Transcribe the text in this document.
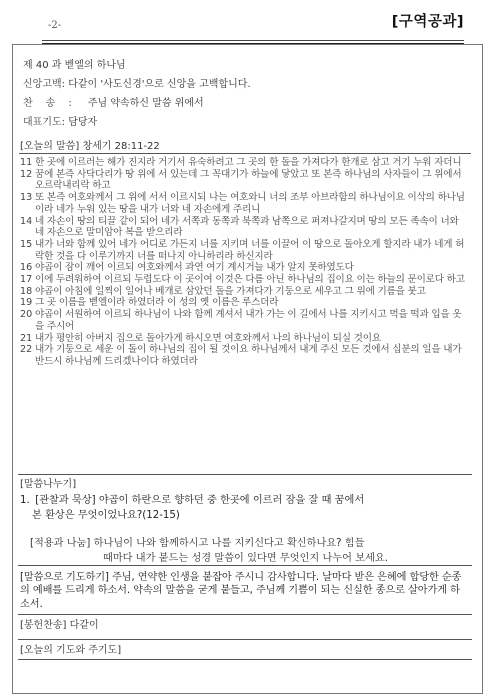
-2-	[구역공과]
제 40 과 벧엘의 하나님
신앙고백: 다같이 '사도신경'으로 신앙을 고백합니다.
찬송: 주님 약속하신 말씀 위에서
대표기도: 담당자
[오늘의 말씀] 창세기 28:11-22
11 한 곳에 이르러는 해가 진지라 거기서 유숙하려고 그 곳의 한 돌을 가져다가 한개로 삼고 거기 누워 자더니
12 꿈에 본즉 사닥다리가 땅 위에 서 있는데 그 꼭대기가 하늘에 닿았고 또 본즉 하나님의 사자들이 그 위에서 오르락내리락 하고
13 또 본즉 여호와께서 그 위에 서서 이르시되 나는 여호와니 너의 조부 아브라함의 하나님이요 이삭의 하나님이라 네가 누워 있는 땅을 내가 너와 네 자손에게 주리니
14 네 자손이 땅의 티끌 같이 되어 네가 서쪽과 동쪽과 북쪽과 남쪽으로 퍼져나갈지며 땅의 모든 족속이 너와 네 자손으로 말미암아 복을 받으리라
15 내가 너와 함께 있어 네가 어디로 가든지 너를 지키며 너를 이끌어 이 땅으로 돌아오게 할지라 내가 네게 허락한 것을 다 이루기까지 너를 떠나지 아니하리라 하신지라
16 야곱이 잠이 깨어 이르되 여호와께서 과연 여기 계시거늘 내가 알지 못하였도다
17 이에 두려워하여 이르되 두렵도다 이 곳이여 이것은 다름 아닌 하나님의 집이요 이는 하늘의 문이로다 하고
18 야곱이 아침에 일찍이 일어나 베개로 삼았던 돌을 가져다가 기둥으로 세우고 그 위에 기름을 붓고
19 그 곳 이름을 벧엘이라 하였더라 이 성의 옛 이름은 루스더라
20 야곱이 서원하여 이르되 하나님이 나와 함께 계셔서 내가 가는 이 길에서 나를 지키시고 먹을 떡과 입을 옷을 주시어
21 내가 평안히 아버지 집으로 돌아가게 하시오면 여호와께서 나의 하나님이 되실 것이요
22 내가 기둥으로 세운 이 돌이 하나님의 집이 될 것이요 하나님께서 내게 주신 모든 것에서 십분의 일을 내가 반드시 하나님께 드리겠나이다 하였더라
[말씀나누기]
1. [관찰과 묵상] 야곱이 하란으로 향하던 중 한곳에 이르러 잠을 잘 때 꿈에서
본 환상은 무엇이었나요?(12-15)
[적용과 나눔] 하나님이 나와 함께하시고 나를 지키신다고 확신하나요? 힘들
때마다 내가 붙드는 성경 말씀이 있다면 무엇인지 나누어 보세요.
[말씀으로 기도하기] 주님, 연약한 인생을 붙잡아 주시니 감사합니다. 날마다 받은 은혜에 합당한 순종의 예배를 드리게 하소서. 약속의 말씀을 굳게 붙들고, 주님께 기쁨이 되는 신실한 종으로 살아가게 하소서.
[봉헌찬송] 다같이
[오늘의 기도와 주기도]
